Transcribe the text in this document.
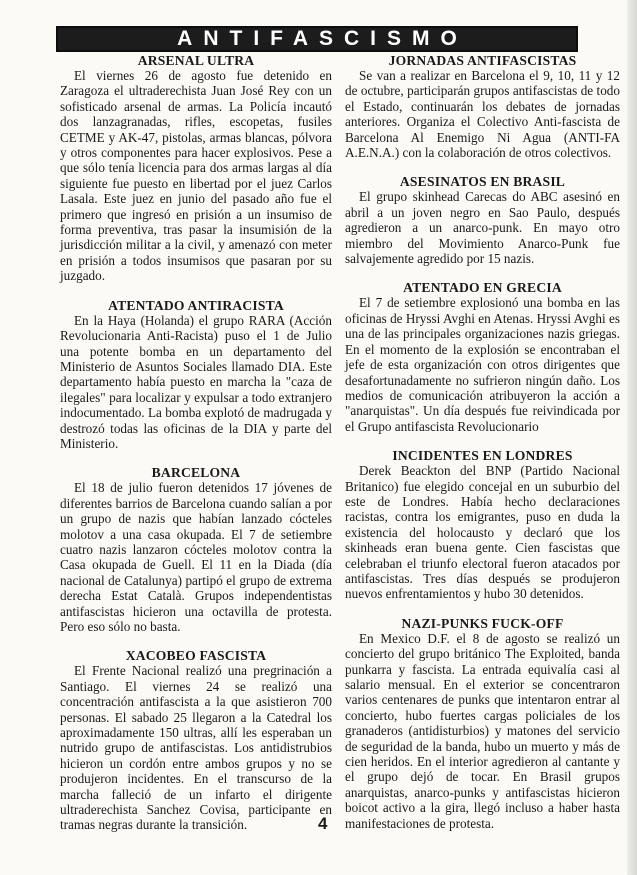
ANTIFASCISMO
ARSENAL ULTRA

El viernes 26 de agosto fue detenido en Zaragoza el ultraderechista Juan José Rey con un sofisticado arsenal de armas. La Policía incautó dos lanzagranadas, rifles, escopetas, fusiles CETME y AK-47, pistolas, armas blancas, pólvora y otros componentes para hacer explosivos. Pese a que sólo tenía licencia para dos armas largas al día siguiente fue puesto en libertad por el juez Carlos Lasala. Este juez en junio del pasado año fue el primero que ingresó en prisión a un insumiso de forma preventiva, tras pasar la insumisión de la jurisdicción militar a la civil, y amenazó con meter en prisión a todos insumisos que pasaran por su juzgado.

ATENTADO ANTIRACISTA

En la Haya (Holanda) el grupo RARA (Acción Revolucionaria Anti-Racista) puso el 1 de Julio una potente bomba en un departamento del Ministerio de Asuntos Sociales llamado DIA. Este departamento había puesto en marcha la "caza de ilegales" para localizar y expulsar a todo extranjero indocumentado. La bomba explotó de madrugada y destrozó todas las oficinas de la DIA y parte del Ministerio.

BARCELONA

El 18 de julio fueron detenidos 17 jóvenes de diferentes barrios de Barcelona cuando salían a por un grupo de nazis que habían lanzado cócteles molotov a una casa okupada. El 7 de setiembre cuatro nazis lanzaron cócteles molotov contra la Casa okupada de Guell. El 11 en la Diada (día nacional de Catalunya) partipó el grupo de extrema derecha Estat Català. Grupos independentistas antifascistas hicieron una octavilla de protesta. Pero eso sólo no basta.

XACOBEO FASCISTA

El Frente Nacional realizó una pregrinación a Santiago. El viernes 24 se realizó una concentración antifascista a la que asistieron 700 personas. El sabado 25 llegaron a la Catedral los aproximadamente 150 ultras, allí les esperaban un nutrido grupo de antifascistas. Los antidistrubios hicieron un cordón entre ambos grupos y no se produjeron incidentes. En el transcurso de la marcha falleció de un infarto el dirigente ultraderechista Sanchez Covisa, participante en tramas negras durante la transición.

JORNADAS ANTIFASCISTAS

Se van a realizar en Barcelona el 9, 10, 11 y 12 de octubre, participarán grupos antifascistas de todo el Estado, continuarán los debates de jornadas anteriores. Organiza el Colectivo Anti-fascista de Barcelona Al Enemigo Ni Agua (ANTI-FA A.E.N.A.) con la colaboración de otros colectivos.

ASESINATOS EN BRASIL

El grupo skinhead Carecas do ABC asesinó en abril a un joven negro en Sao Paulo, después agredieron a un anarco-punk. En mayo otro miembro del Movimiento Anarco-Punk fue salvajemente agredido por 15 nazis.

ATENTADO EN GRECIA

El 7 de setiembre explosionó una bomba en las oficinas de Hryssi Avghi en Atenas. Hryssi Avghi es una de las principales organizaciones nazis griegas. En el momento de la explosión se encontraban el jefe de esta organización con otros dirigentes que desafortunadamente no sufrieron ningún daño. Los medios de comunicación atribuyeron la acción a "anarquistas". Un día después fue reivindicada por el Grupo antifascista Revolucionario

INCIDENTES EN LONDRES

Derek Beackton del BNP (Partido Nacional Britanico) fue elegido concejal en un suburbio del este de Londres. Había hecho declaraciones racistas, contra los emigrantes, puso en duda la existencia del holocausto y declaró que los skinheads eran buena gente. Cien fascistas que celebraban el triunfo electoral fueron atacados por antifascistas. Tres días después se produjeron nuevos enfrentamientos y hubo 30 detenidos.

NAZI-PUNKS FUCK-OFF

En Mexico D.F. el 8 de agosto se realizó un concierto del grupo británico The Exploited, banda punkarra y fascista. La entrada equivalía casi al salario mensual. En el exterior se concentraron varios centenares de punks que intentaron entrar al concierto, hubo fuertes cargas policiales de los granaderos (antidisturbios) y matones del servicio de seguridad de la banda, hubo un muerto y más de cien heridos. En el interior agredieron al cantante y el grupo dejó de tocar. En Brasil grupos anarquistas, anarco-punks y antifascistas hicieron boicot activo a la gira, llegó incluso a haber hasta manifestaciones de protesta.

4
